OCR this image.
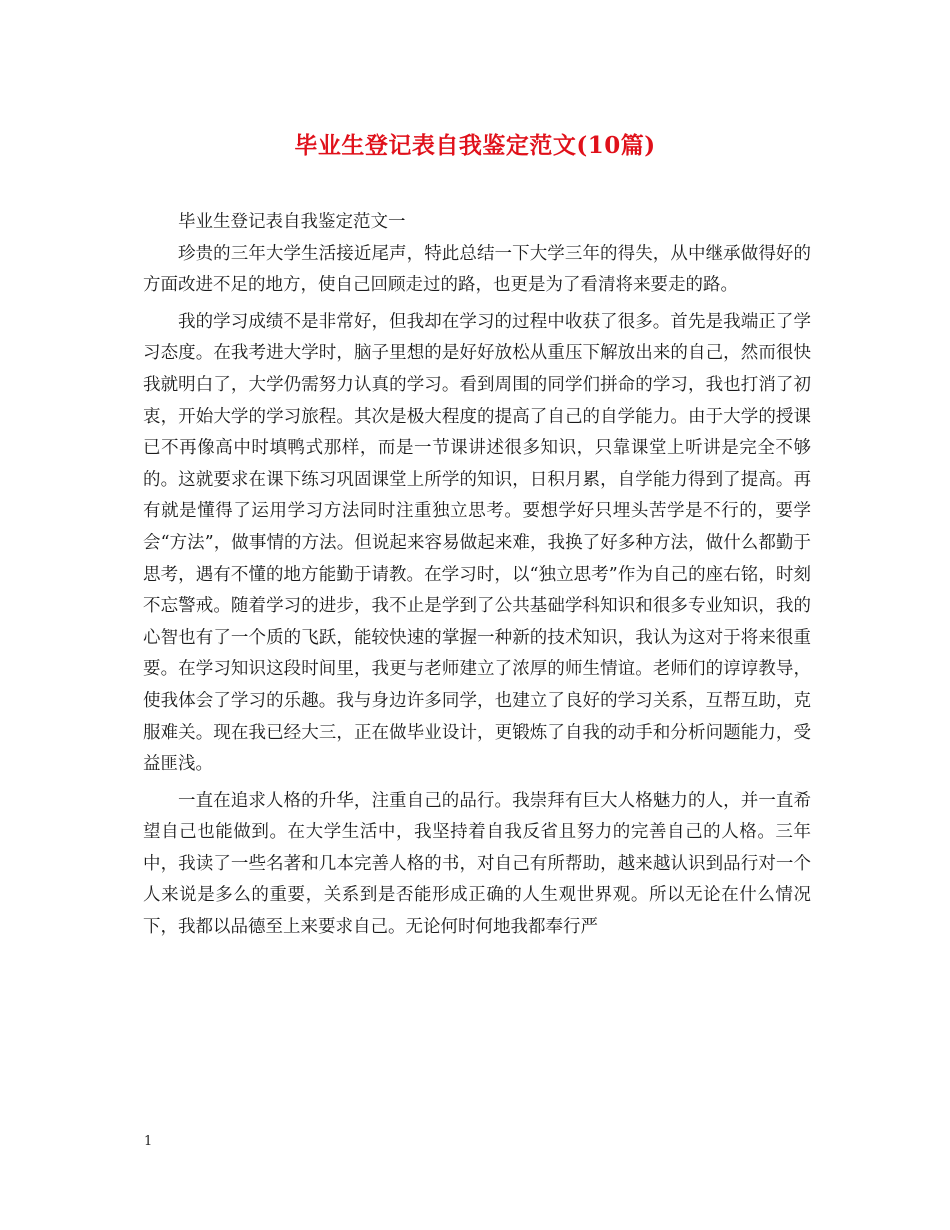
毕业生登记表自我鉴定范文(10篇)

毕业生登记表自我鉴定范文一

珍贵的三年大学生活接近尾声，特此总结一下大学三年的得失，从中继承做得好的方面改进不足的地方，使自己回顾走过的路，也更是为了看清将来要走的路。

我的学习成绩不是非常好，但我却在学习的过程中收获了很多。首先是我端正了学习态度。在我考进大学时，脑子里想的是好好放松从重压下解放出来的自己，然而很快我就明白了，大学仍需努力认真的学习。看到周围的同学们拼命的学习，我也打消了初衷，开始大学的学习旅程。其次是极大程度的提高了自己的自学能力。由于大学的授课已不再像高中时填鸭式那样，而是一节课讲述很多知识，只靠课堂上听讲是完全不够的。这就要求在课下练习巩固课堂上所学的知识，日积月累，自学能力得到了提高。再有就是懂得了运用学习方法同时注重独立思考。要想学好只埋头苦学是不行的，要学会“方法”，做事情的方法。但说起来容易做起来难，我换了好多种方法，做什么都勤于思考，遇有不懂的地方能勤于请教。在学习时，以“独立思考”作为自己的座右铭，时刻不忘警戒。随着学习的进步，我不止是学到了公共基础学科知识和很多专业知识，我的心智也有了一个质的飞跃，能较快速的掌握一种新的技术知识，我认为这对于将来很重要。在学习知识这段时间里，我更与老师建立了浓厚的师生情谊。老师们的谆谆教导，使我体会了学习的乐趣。我与身边许多同学，也建立了良好的学习关系，互帮互助，克服难关。现在我已经大三，正在做毕业设计，更锻炼了自我的动手和分析问题能力，受益匪浅。

一直在追求人格的升华，注重自己的品行。我崇拜有巨大人格魅力的人，并一直希望自己也能做到。在大学生活中，我坚持着自我反省且努力的完善自己的人格。三年中，我读了一些名著和几本完善人格的书，对自己有所帮助，越来越认识到品行对一个人来说是多么的重要，关系到是否能形成正确的人生观世界观。所以无论在什么情况下，我都以品德至上来要求自己。无论何时何地我都奉行严

1
